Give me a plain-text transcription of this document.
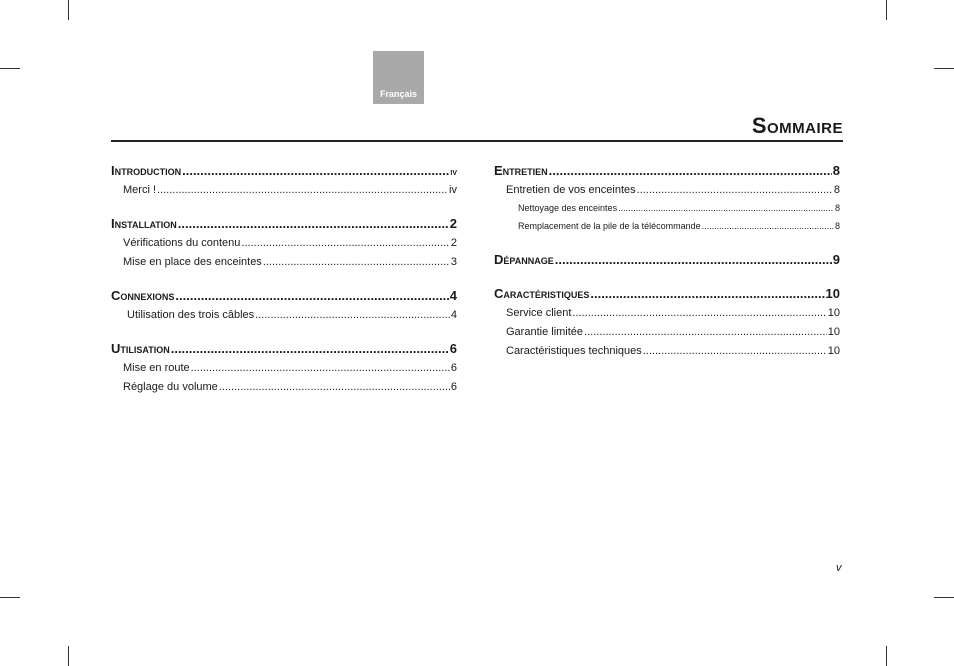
Français
Sommaire
Introduction .....	iv
Merci ! .....	iv
Installation .....	2
Vérifications du contenu .....	2
Mise en place des enceintes .....	3
Connexions .....	4
Utilisation des trois câbles .....	4
Utilisation .....	6
Mise en route .....	6
Réglage du volume .....	6
Entretien .....	8
Entretien de vos enceintes .....	8
Nettoyage des enceintes .....	8
Remplacement de la pile de la télécommande .....	8
Dépannage .....	9
Caractéristiques .....	10
Service client .....	10
Garantie limitée .....	10
Caractéristiques techniques .....	10
v
